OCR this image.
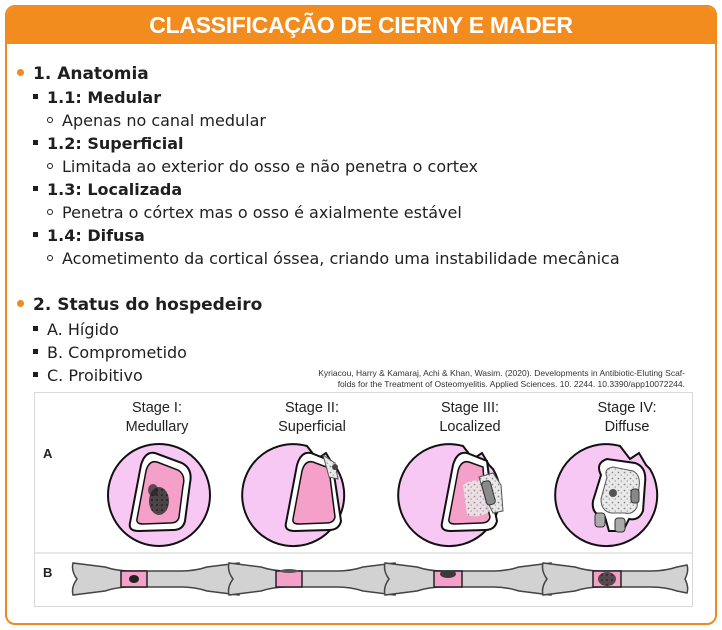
CLASSIFICAÇÃO DE CIERNY E MADER
1. Anatomia
1.1: Medular
Apenas no canal medular
1.2: Superficial
Limitada ao exterior do osso e não penetra o cortex
1.3: Localizada
Penetra o córtex mas o osso é axialmente estável
1.4: Difusa
Acometimento da cortical óssea, criando uma instabilidade mecânica
2. Status do hospedeiro
A. Hígido
B. Comprometido
C. Proibitivo	Kyriacou, Harry & Kamaraj, Achi & Khan, Wasim. (2020). Developments in Antibiotic-Eluting Scaf-
folds for the Treatment of Osteomyelitis. Applied Sciences. 10. 2244. 10.3390/app10072244.
Stage I:
Medullary
Stage II:
Superficial
Stage III:
Localized
Stage IV:
Diffuse
A
B
